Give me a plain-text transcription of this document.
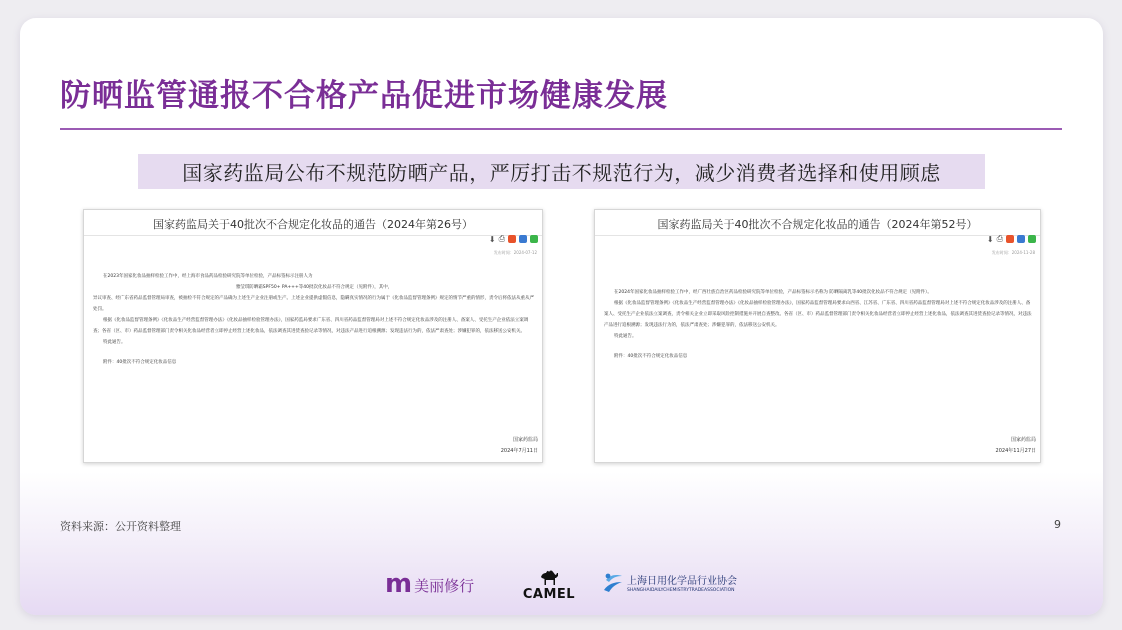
防晒监管通报不合格产品促进市场健康发展
国家药监局公布不规范防晒产品，严厉打击不规范行为，减少消费者选择和使用顾虑
国家药监局关于40批次不合规定化妆品的通告（2024年第26号）
⬇ ⎙
发布时间：2024-07-12

在2023年国家化妆品抽样检验工作中，经上海市食品药品检验研究院等单位检验，产品标签标示注册人为

雅莹琪防晒霜SPF50+ PA+++等40批次化妆品不符合规定（见附件），其中，

异议审查、经广东省药品监督管理局审查，被抽检不符合规定的产品确为上述生产企业注册或生产。上述企业提供虚假信息，隐瞒真实情况的行为属于《化妆品监督管理条例》规定的情节严重的情形，责令后将依法从重从严处罚。

根据《化妆品监督管理条例》《化妆品生产经营监督管理办法》《化妆品抽样检验管理办法》，国家药监局要求广东省、四川省药品监督管理局对上述不符合规定化妆品涉及的注册人、备案人、受托生产企业依法立案调查；各省（区、市）药品监督管理部门责令相关化妆品经营者立即停止经营上述化妆品，依法调查其进货查验记录等情况，对违法产品进行追根溯源；发现违法行为的，依法严肃查处；涉嫌犯罪的，依法移送公安机关。

特此通告。

附件：40批次不符合规定化妆品信息

国家药监局
2024年7月11日
国家药监局关于40批次不合规定化妆品的通告（2024年第52号）
⬇ ⎙
发布时间：2024-11-28

在2024年国家化妆品抽样检验工作中，经广西壮族自治区药品检验研究院等单位检验，产品标签标示名称为 防晒隔离乳等40批次化妆品不符合规定（见附件）。

根据《化妆品监督管理条例》《化妆品生产经营监督管理办法》《化妆品抽样检验管理办法》，国家药品监督管理局要求山西省、江苏省、广东省、四川省药品监督管理局对上述不符合规定化妆品涉及的注册人、备案人、受托生产企业依法立案调查，责令相关企业立即采取风险控制措施并开展自查整改。各省（区、市）药品监督管理部门责令相关化妆品经营者立即停止经营上述化妆品，依法调查其进货查验记录等情况，对违法产品进行追根溯源；发现违法行为的，依法严肃查处；涉嫌犯罪的，依法移送公安机关。

特此通告。

附件：40批次不符合规定化妆品信息

国家药监局
2024年11月27日
资料来源：公开资料整理	9
m 美丽修行	CAMEL
上海日用化学品行业协会
SHANGHAIDAILYCHEMISTRYTRADEASSOCIATION
